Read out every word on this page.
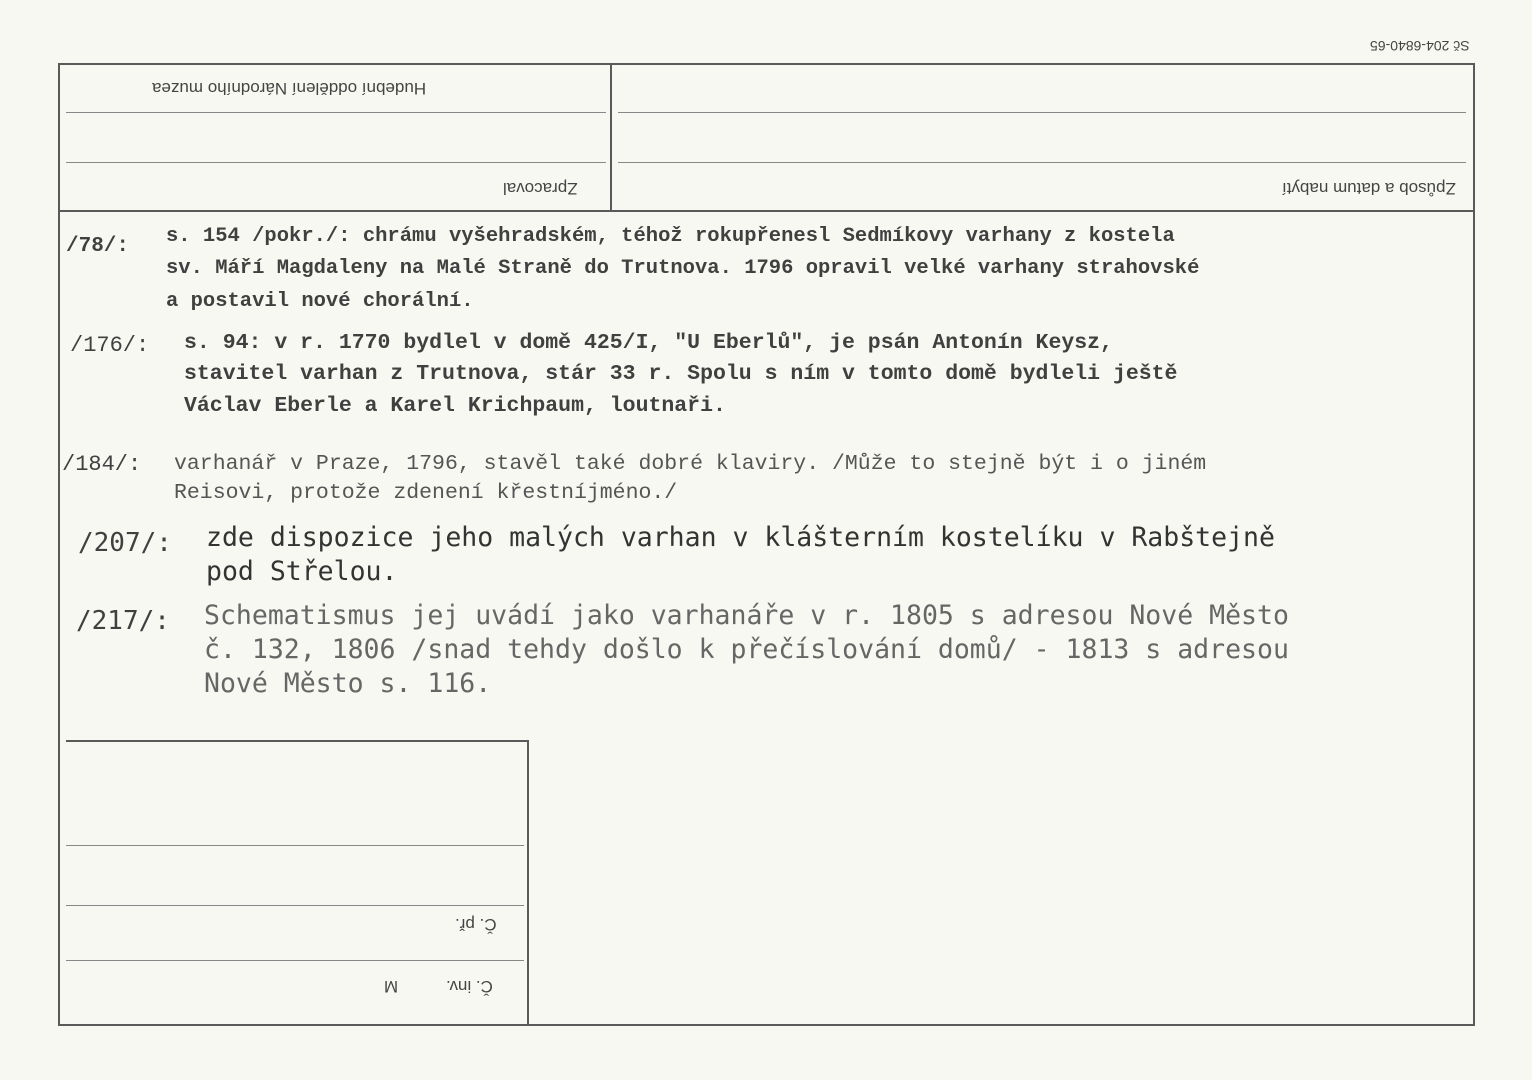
Sč 204-6840-65
Hudební oddělení Národního muzea
Zpracoval	Způsob a datum nabytí
/78/: s. 154 /pokr./: chrámu vyšehradském, téhož rokupřenesl Sedmíkovy varhany z kostela
sv. Máří Magdaleny na Malé Straně do Trutnova. 1796 opravil velké varhany strahovské
a postavil nové chorální.
/176/: s. 94: v r. 1770 bydlel v domě 425/I, "U Eberlů", je psán Antonín Keysz,
stavitel varhan z Trutnova, stár 33 r. Spolu s ním v tomto domě bydleli ještě
Václav Eberle a Karel Krichpaum, loutnaři.
/184/: varhanář v Praze, 1796, stavěl také dobré klaviry. /Může to stejně být i o jiném
Reisovi, protože zdenení křestníjméno./
/207/: zde dispozice jeho malých varhan v klášterním kostelíku v Rabštejně
pod Střelou.
/217/: Schematismus jej uvádí jako varhanáře v r. 1805 s adresou Nové Město
č. 132, 1806 /snad tehdy došlo k přečíslování domů/ - 1813 s adresou
Nové Město s. 116.
Č. př.
Č. inv.
M
